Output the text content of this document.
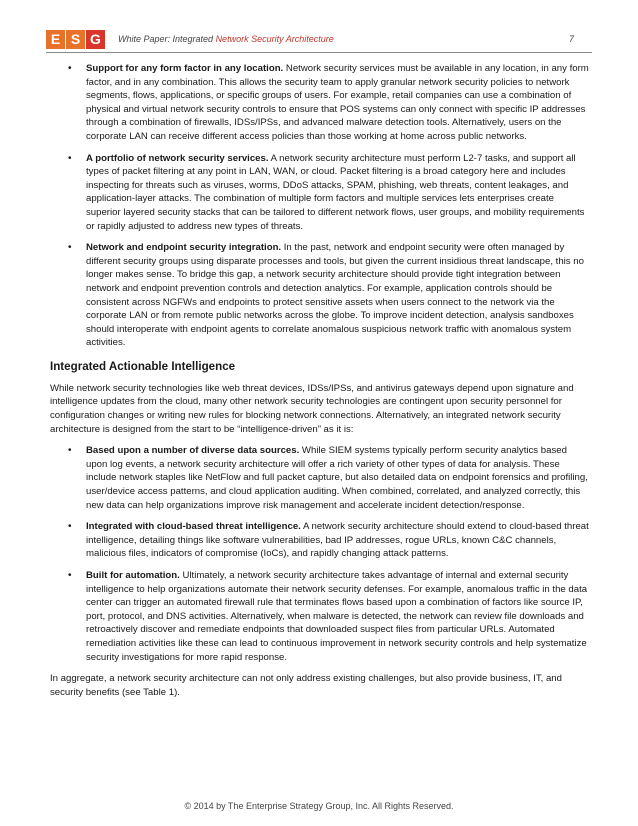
E S G	White Paper: Integrated Network Security Architecture	7
• Support for any form factor in any location. Network security services must be available in any location, in any form factor, and in any combination. This allows the security team to apply granular network security policies to network segments, flows, applications, or specific groups of users. For example, retail companies can use a combination of physical and virtual network security controls to ensure that POS systems can only connect with specific IP addresses through a combination of firewalls, IDSs/IPSs, and advanced malware detection tools. Alternatively, users on the corporate LAN can receive different access policies than those working at home across public networks.
• A portfolio of network security services. A network security architecture must perform L2-7 tasks, and support all types of packet filtering at any point in LAN, WAN, or cloud. Packet filtering is a broad category here and includes inspecting for threats such as viruses, worms, DDoS attacks, SPAM, phishing, web threats, content leakages, and application-layer attacks. The combination of multiple form factors and multiple services lets enterprises create superior layered security stacks that can be tailored to different network flows, user groups, and mobility requirements or rapidly adjusted to address new types of threats.
• Network and endpoint security integration. In the past, network and endpoint security were often managed by different security groups using disparate processes and tools, but given the current insidious threat landscape, this no longer makes sense. To bridge this gap, a network security architecture should provide tight integration between network and endpoint prevention controls and detection analytics. For example, application controls should be consistent across NGFWs and endpoints to protect sensitive assets when users connect to the network via the corporate LAN or from remote public networks across the globe. To improve incident detection, analysis sandboxes should interoperate with endpoint agents to correlate anomalous suspicious network traffic with anomalous system activities.
Integrated Actionable Intelligence

While network security technologies like web threat devices, IDSs/IPSs, and antivirus gateways depend upon signature and intelligence updates from the cloud, many other network security technologies are contingent upon security personnel for configuration changes or writing new rules for blocking network connections. Alternatively, an integrated network security architecture is designed from the start to be “intelligence-driven” as it is:

• Based upon a number of diverse data sources. While SIEM systems typically perform security analytics based upon log events, a network security architecture will offer a rich variety of other types of data for analysis. These include network staples like NetFlow and full packet capture, but also detailed data on endpoint forensics and profiling, user/device access patterns, and cloud application auditing. When combined, correlated, and analyzed correctly, this new data can help organizations improve risk management and accelerate incident detection/response.
• Integrated with cloud-based threat intelligence. A network security architecture should extend to cloud-based threat intelligence, detailing things like software vulnerabilities, bad IP addresses, rogue URLs, known C&C channels, malicious files, indicators of compromise (IoCs), and rapidly changing attack patterns.
• Built for automation. Ultimately, a network security architecture takes advantage of internal and external security intelligence to help organizations automate their network security defenses. For example, anomalous traffic in the data center can trigger an automated firewall rule that terminates flows based upon a combination of factors like source IP, port, protocol, and DNS activities. Alternatively, when malware is detected, the network can review file downloads and retroactively discover and remediate endpoints that downloaded suspect files from particular URLs. Automated remediation activities like these can lead to continuous improvement in network security controls and help systematize security investigations for more rapid response.

In aggregate, a network security architecture can not only address existing challenges, but also provide business, IT, and security benefits (see Table 1).

© 2014 by The Enterprise Strategy Group, Inc. All Rights Reserved.
